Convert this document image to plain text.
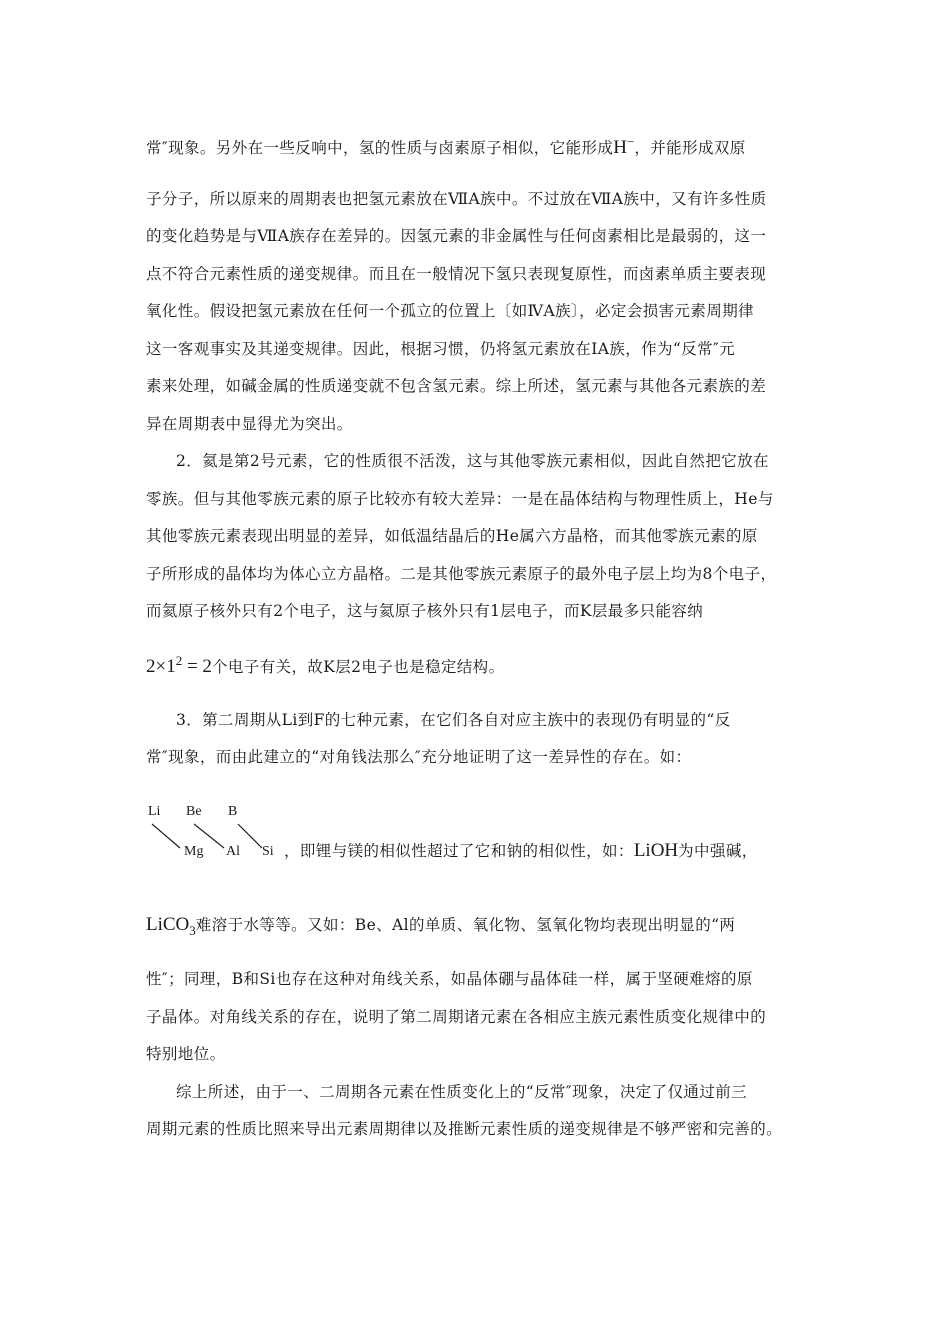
常″现象。另外在一些反响中，氢的性质与卤素原子相似，它能形成H−，并能形成双原
子分子，所以原来的周期表也把氢元素放在ⅦA族中。不过放在ⅦA族中，又有许多性质
的变化趋势是与ⅦA族存在差异的。因氢元素的非金属性与任何卤素相比是最弱的，这一
点不符合元素性质的递变规律。而且在一般情况下氢只表现复原性，而卤素单质主要表现
氧化性。假设把氢元素放在任何一个孤立的位置上〔如ⅣA族〕，必定会损害元素周期律
这一客观事实及其递变规律。因此，根据习惯，仍将氢元素放在ⅠA族，作为“反常″元
素来处理，如碱金属的性质递变就不包含氢元素。综上所述，氢元素与其他各元素族的差
异在周期表中显得尤为突出。
2．氦是第2号元素，它的性质很不活泼，这与其他零族元素相似，因此自然把它放在
零族。但与其他零族元素的原子比较亦有较大差异：一是在晶体结构与物理性质上，He与
其他零族元素表现出明显的差异，如低温结晶后的He属六方晶格，而其他零族元素的原
子所形成的晶体均为体心立方晶格。二是其他零族元素原子的最外电子层上均为8个电子，
而氦原子核外只有2个电子，这与氦原子核外只有1层电子，而K层最多只能容纳
$2\times 1^2 = 2$个电子有关，故K层2电子也是稳定结构。
3．第二周期从Li到F的七种元素，在它们各自对应主族中的表现仍有明显的“反
常″现象，而由此建立的“对角钱法那么″充分地证明了这一差异性的存在。如：
Li Be B
Mg Al Si ，即锂与镁的相似性超过了它和钠的相似性，如：LiOH为中强碱，
LiCO$_3$难溶于水等等。又如：Be、Al的单质、氧化物、氢氧化物均表现出明显的“两
性″；同理，B和Si也存在这种对角线关系，如晶体硼与晶体硅一样，属于坚硬难熔的原
子晶体。对角线关系的存在，说明了第二周期诸元素在各相应主族元素性质变化规律中的
特别地位。
综上所述，由于一、二周期各元素在性质变化上的“反常″现象，决定了仅通过前三
周期元素的性质比照来导出元素周期律以及推断元素性质的递变规律是不够严密和完善的。
